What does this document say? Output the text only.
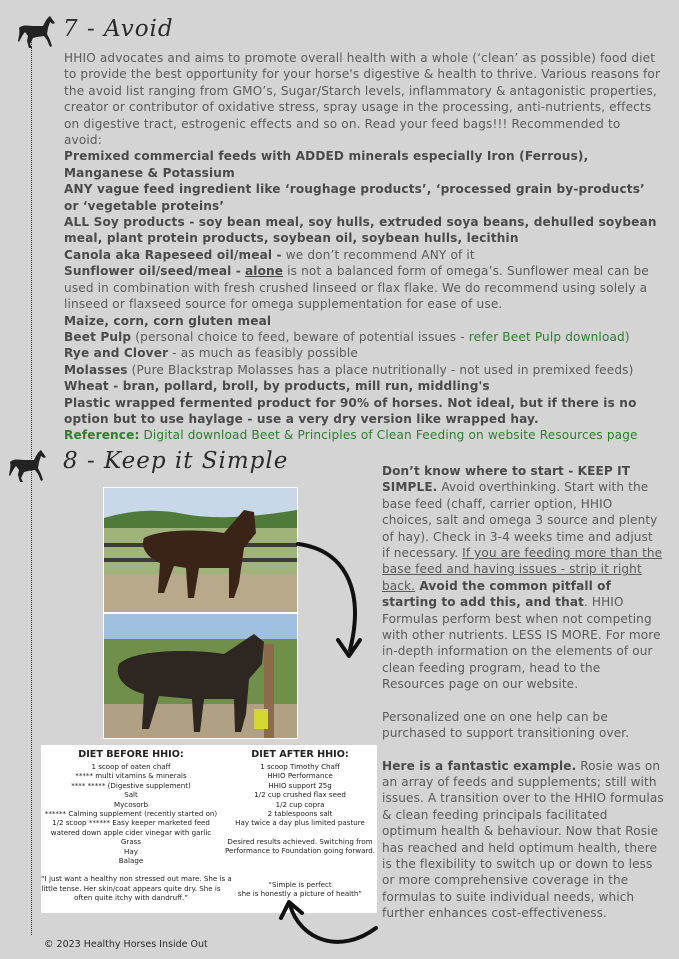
7 - Avoid

HHIO advocates and aims to promote overall health with a whole (‘clean’ as possible) food diet to provide the best opportunity for your horse's digestive & health to thrive. Various reasons for the avoid list ranging from GMO’s, Sugar/Starch levels, inflammatory & antagonistic properties, creator or contributor of oxidative stress, spray usage in the processing, anti-nutrients, effects on digestive tract, estrogenic effects and so on. Read your feed bags!!! Recommended to avoid:

Premixed commercial feeds with ADDED minerals especially Iron (Ferrous), Manganese & Potassium

ANY vague feed ingredient like ‘roughage products’, ‘processed grain by-products’ or ‘vegetable proteins’

ALL Soy products - soy bean meal, soy hulls, extruded soya beans, dehulled soybean meal, plant protein products, soybean oil, soybean hulls, lecithin

Canola aka Rapeseed oil/meal - we don’t recommend ANY of it

Sunflower oil/seed/meal - alone is not a balanced form of omega’s. Sunflower meal can be used in combination with fresh crushed linseed or flax flake. We do recommend using solely a linseed or flaxseed source for omega supplementation for ease of use.

Maize, corn, corn gluten meal

Beet Pulp (personal choice to feed, beware of potential issues - refer Beet Pulp download)

Rye and Clover - as much as feasibly possible

Molasses (Pure Blackstrap Molasses has a place nutritionally - not used in premixed feeds)

Wheat - bran, pollard, broll, by products, mill run, middling's

Plastic wrapped fermented product for 90% of horses. Not ideal, but if there is no option but to use haylage - use a very dry version like wrapped hay.

Reference: Digital download Beet & Principles of Clean Feeding on website Resources page

8 - Keep it Simple	Don’t know where to start - KEEP IT SIMPLE. Avoid overthinking. Start with the base feed (chaff, carrier option, HHIO choices, salt and omega 3 source and plenty of hay). Check in 3-4 weeks time and adjust if necessary. If you are feeding more than the base feed and having issues - strip it right back. Avoid the common pitfall of starting to add this, and that. HHIO Formulas perform best when not competing with other nutrients. LESS IS MORE. For more in-depth information on the elements of our clean feeding program, head to the Resources page on our website.

Personalized one on one help can be purchased to support transitioning over.

Here is a fantastic example. Rosie was on an array of feeds and supplements; still with issues. A transition over to the HHIO formulas & clean feeding principals facilitated optimum health & behaviour. Now that Rosie has reached and held optimum health, there is the flexibility to switch up or down to less or more comprehensive coverage in the formulas to suite individual needs, which further enhances cost-effectiveness.

DIET BEFORE HHIO:
1 scoop of oaten chaff
***** multi vitamins & minerals
**** ***** (Digestive supplement)
Salt
Mycosorb
****** Calming supplement (recently started on)
1/2 scoop ****** Easy keeper marketed feed
watered down apple cider vinegar with garlic
Grass
Hay
Balage
“I just want a healthy non stressed out mare. She is a
little tense. Her skin/coat appears quite dry. She is
often quite itchy with dandruff.”
DIET AFTER HHIO:
1 scoop Timothy Chaff
HHIO Performance
HHIO support 25g
1/2 cup crushed flax seed
1/2 cup copra
2 tablespoons salt
Hay twice a day plus limited pasture
Desired results achieved. Switching from
Performance to Foundation going forward.
“Simple is perfect
she is honestly a picture of health”
© 2023 Healthy Horses Inside Out
